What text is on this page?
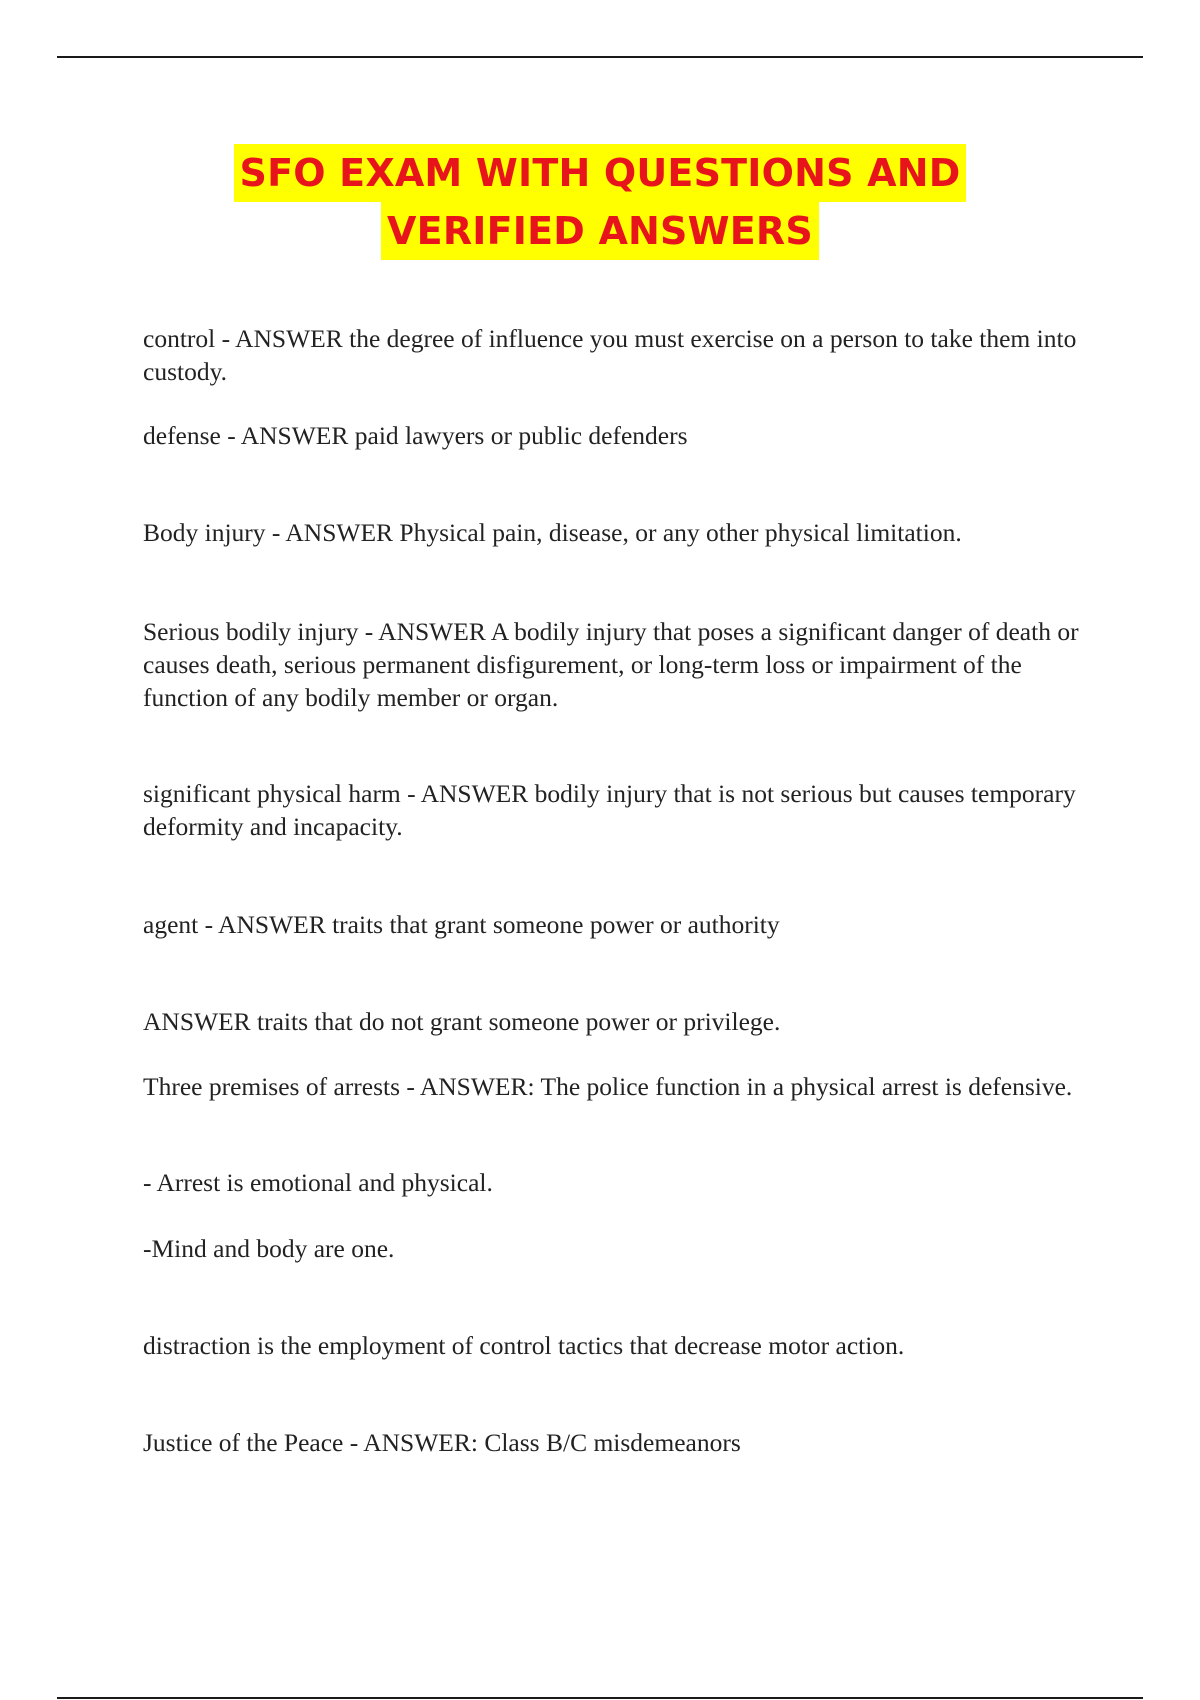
SFO EXAM WITH QUESTIONS AND
VERIFIED ANSWERS

control - ANSWER the degree of influence you must exercise on a person to take them into custody.

defense - ANSWER paid lawyers or public defenders

Body injury - ANSWER Physical pain, disease, or any other physical limitation.

Serious bodily injury - ANSWER A bodily injury that poses a significant danger of death or causes death, serious permanent disfigurement, or long-term loss or impairment of the function of any bodily member or organ.

significant physical harm - ANSWER bodily injury that is not serious but causes temporary deformity and incapacity.

agent - ANSWER traits that grant someone power or authority

ANSWER traits that do not grant someone power or privilege.

Three premises of arrests - ANSWER: The police function in a physical arrest is defensive.

- Arrest is emotional and physical.

-Mind and body are one.

distraction is the employment of control tactics that decrease motor action.

Justice of the Peace - ANSWER: Class B/C misdemeanors
